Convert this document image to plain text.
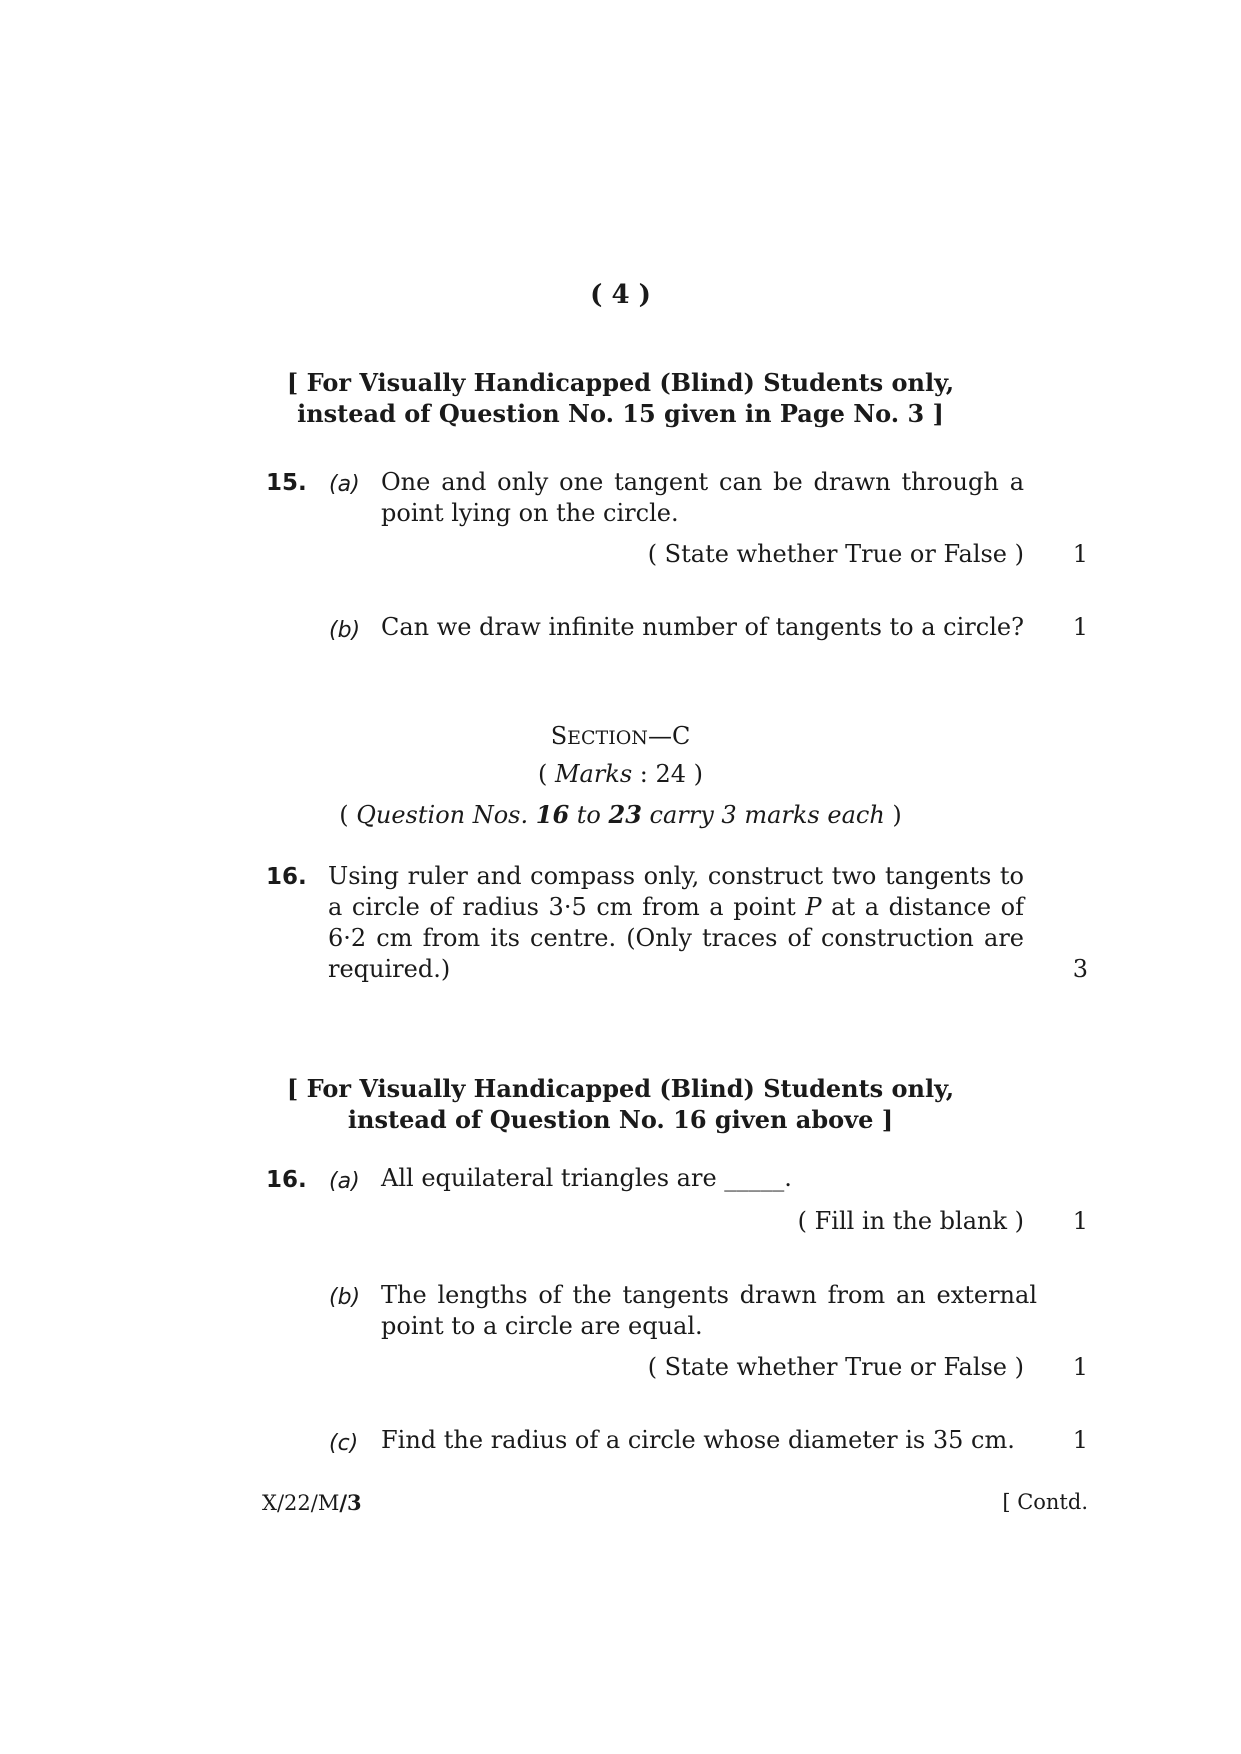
( 4 )
[ For Visually Handicapped (Blind) Students only,
instead of Question No. 15 given in Page No. 3 ]
15. (a) One and only one tangent can be drawn through a point lying on the circle.
( State whether True or False ) 1
(b) Can we draw infinite number of tangents to a circle?	1
SECTION—C
( Marks : 24 )
( Question Nos. 16 to 23 carry 3 marks each )
16. Using ruler and compass only, construct two tangents to a circle of radius 3·5 cm from a point P at a distance of 6·2 cm from its centre. (Only traces of construction are required.)	3
[ For Visually Handicapped (Blind) Students only,
instead of Question No. 16 given above ]
16. (a) All equilateral triangles are _____.
( Fill in the blank ) 1
(b) The lengths of the tangents drawn from an external point to a circle are equal.
( State whether True or False ) 1
(c) Find the radius of a circle whose diameter is 35 cm.	1
X/22/M/3	[ Contd.
